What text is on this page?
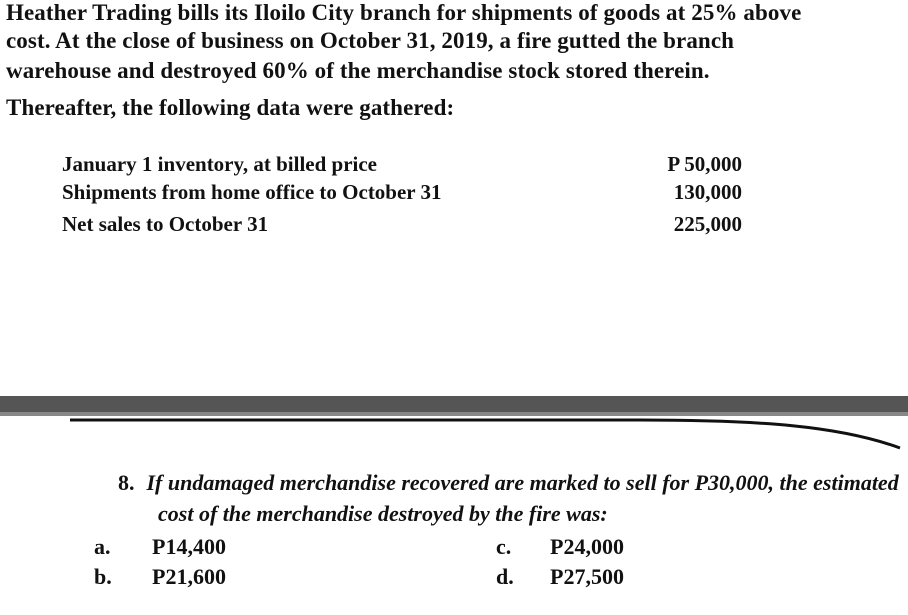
Heather Trading bills its Iloilo City branch for shipments of goods at 25% above
cost. At the close of business on October 31, 2019, a fire gutted the branch
warehouse and destroyed 60% of the merchandise stock stored therein.
Thereafter, the following data were gathered:
January 1 inventory, at billed price	P 50,000
Shipments from home office to October 31	130,000
Net sales to October 31	225,000
8. If undamaged merchandise recovered are marked to sell for P30,000, the estimated
cost of the merchandise destroyed by the fire was:
a. P14,400
b. P21,600
c. P24,000
d. P27,500
